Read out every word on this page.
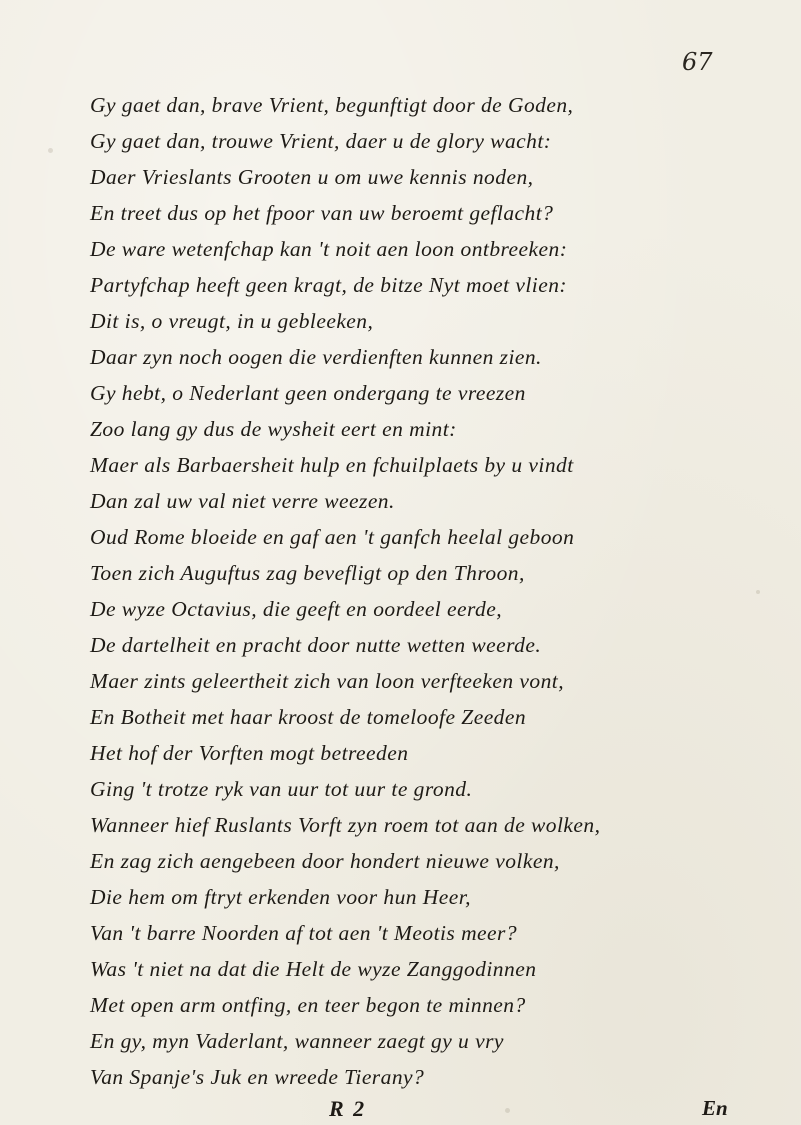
67
Gy gaet dan, brave Vrient, begunftigt door de Goden,
Gy gaet dan, trouwe Vrient, daer u de glory wacht:
Daer Vrieslants Grooten u om uwe kennis noden,
En treet dus op het fpoor van uw beroemt geflacht?
De ware wetenfchap kan 't noit aen loon ontbreeken:
Partyfchap heeft geen kragt, de bitze Nyt moet vlien:
Dit is, o vreugt, in u gebleeken,
Daar zyn noch oogen die verdienften kunnen zien.
Gy hebt, o Nederlant geen ondergang te vreezen
Zoo lang gy dus de wysheit eert en mint:
Maer als Barbaersheit hulp en fchuilplaets by u vindt
Dan zal uw val niet verre weezen.
Oud Rome bloeide en gaf aen 't ganfch heelal geboon
Toen zich Auguftus zag bevefligt op den Throon,
De wyze Octavius, die geeft en oordeel eerde,
De dartelheit en pracht door nutte wetten weerde.
Maer zints geleertheit zich van loon verfteeken vont,
En Botheit met haar kroost de tomeloofe Zeeden
Het hof der Vorften mogt betreeden
Ging 't trotze ryk van uur tot uur te grond.
Wanneer hief Ruslants Vorft zyn roem tot aan de wolken,
En zag zich aengebeen door hondert nieuwe volken,
Die hem om ftryt erkenden voor hun Heer,
Van 't barre Noorden af tot aen 't Meotis meer?
Was 't niet na dat die Helt de wyze Zanggodinnen
Met open arm ontfing, en teer begon te minnen?
En gy, myn Vaderlant, wanneer zaegt gy u vry
Van Spanje's Juk en wreede Tierany?
R 2	En
